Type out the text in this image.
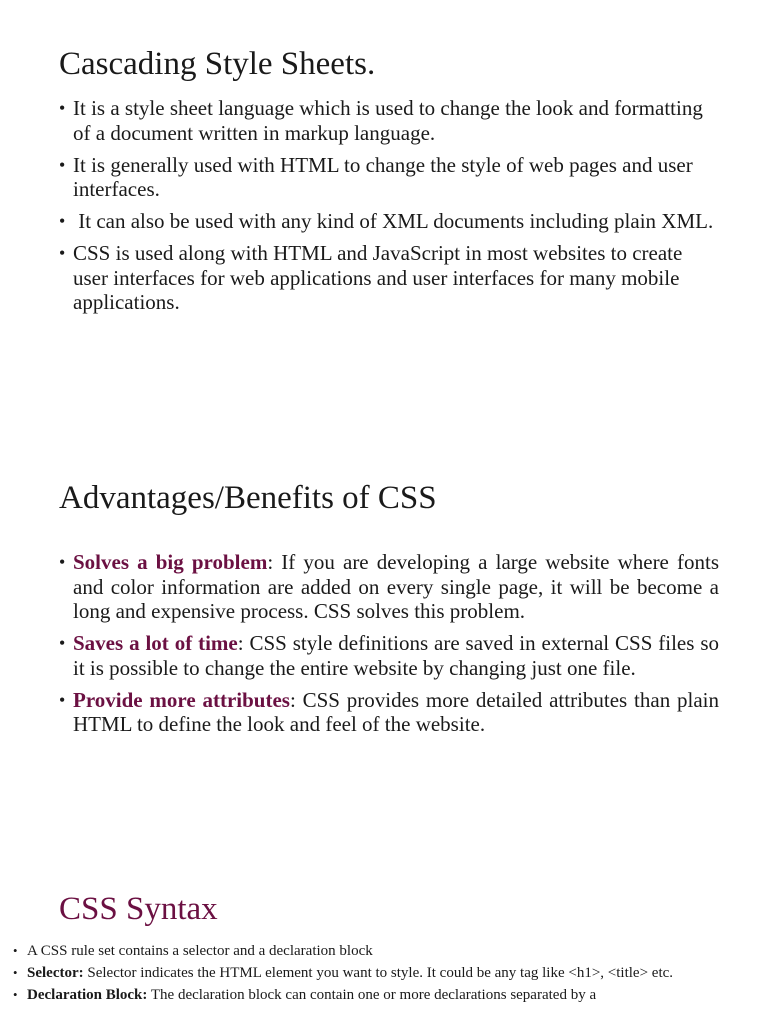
Cascading Style Sheets.
• It is a style sheet language which is used to change the look and formatting of a document written in markup language.
• It is generally used with HTML to change the style of web pages and user interfaces.
• It can also be used with any kind of XML documents including plain XML.
• CSS is used along with HTML and JavaScript in most websites to create user interfaces for web applications and user interfaces for many mobile applications.
Advantages/Benefits of CSS
• Solves a big problem: If you are developing a large website where fonts and color information are added on every single page, it will be become a long and expensive process. CSS solves this problem.
• Saves a lot of time: CSS style definitions are saved in external CSS files so it is possible to change the entire website by changing just one file.
• Provide more attributes: CSS provides more detailed attributes than plain HTML to define the look and feel of the website.
CSS Syntax
• A CSS rule set contains a selector and a declaration block
• Selector: Selector indicates the HTML element you want to style. It could be any tag like <h1>, <title> etc.
• Declaration Block: The declaration block can contain one or more declarations separated by a
